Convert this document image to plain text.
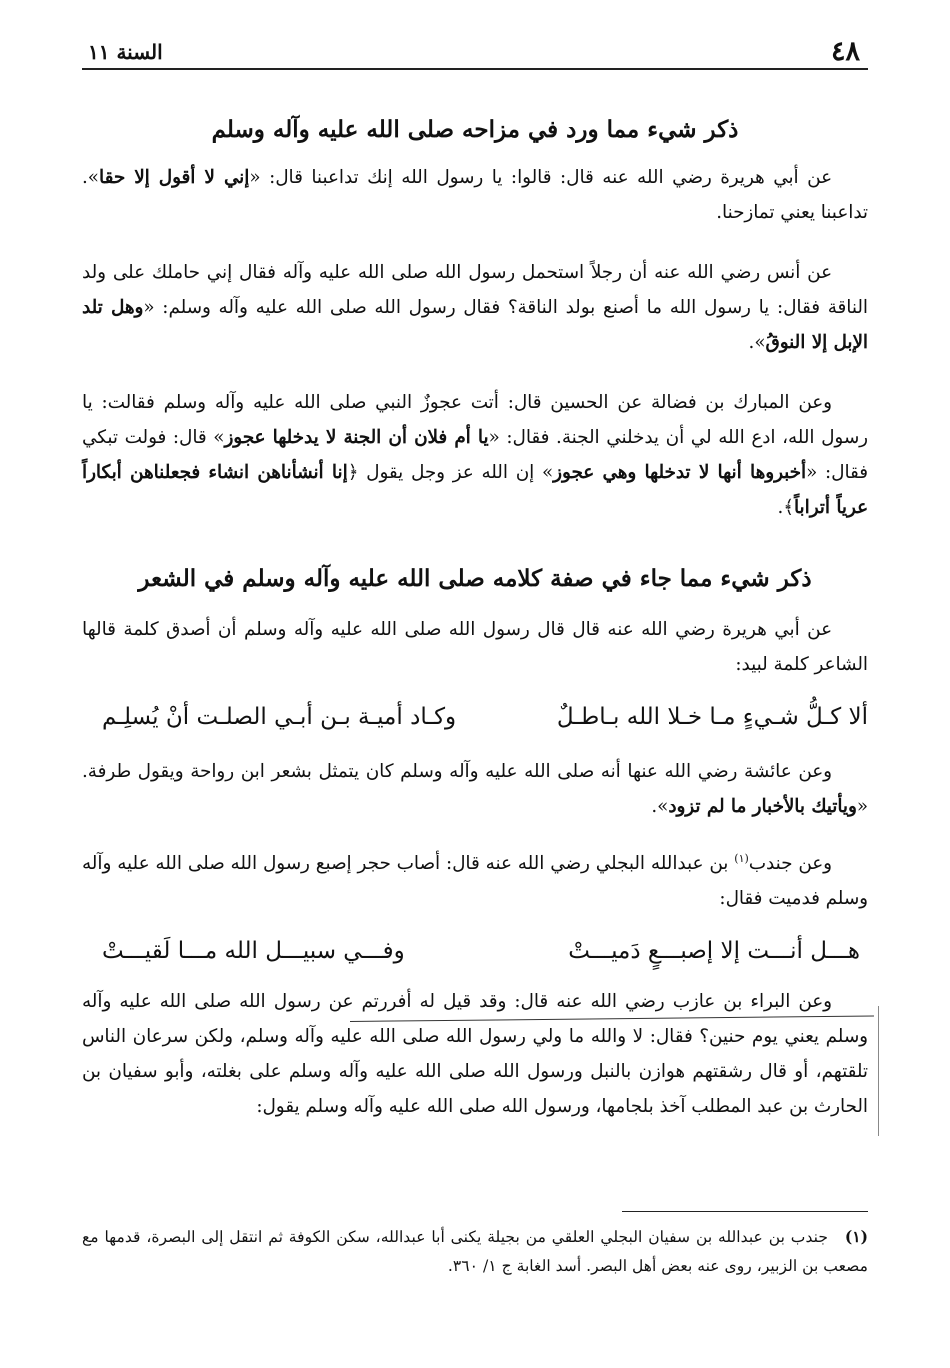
٤٨
السنة ١١
ذكر شيء مما ورد في مزاحه صلى الله عليه وآله وسلم
عن أبي هريرة رضي الله عنه قال: قالوا: يا رسول الله إنك تداعبنا قال: «إني لا أقول إلا حقا». تداعبنا يعني تمازحنا.
عن أنس رضي الله عنه أن رجلاً استحمل رسول الله صلى الله عليه وآله فقال إني حاملك على ولد الناقة فقال: يا رسول الله ما أصنع بولد الناقة؟ فقال رسول الله صلى الله عليه وآله وسلم: «وهل تلد الإبل إلا النوقُ».
وعن المبارك بن فضالة عن الحسين قال: أتت عجوزٌ النبي صلى الله عليه وآله وسلم فقالت: يا رسول الله، ادع الله لي أن يدخلني الجنة. فقال: «يا أم فلان أن الجنة لا يدخلها عجوز» قال: فولت تبكي فقال: «أخبروها أنها لا تدخلها وهي عجوز» إن الله عز وجل يقول ﴿إنا أنشأناهن انشاء فجعلناهن أبكاراً عرياً أتراباً﴾.
ذكر شيء مما جاء في صفة كلامه صلى الله عليه وآله وسلم في الشعر
عن أبي هريرة رضي الله عنه قال قال رسول الله صلى الله عليه وآله وسلم أن أصدق كلمة قالها الشاعر كلمة لبيد:
ألا كـلُّ شـيءٍ مـا خـلا الله بـاطـلٌ
وكـاد أميـة بـن أبـي الصلـت أنْ يُسلِـم
وعن عائشة رضي الله عنها أنه صلى الله عليه وآله وسلم كان يتمثل بشعر ابن رواحة ويقول طرفة. «ويأتيك بالأخبار ما لم تزود».
وعن جندب$^{(١)}$ بن عبدالله البجلي رضي الله عنه قال: أصاب حجر إصبع رسول الله صلى الله عليه وآله وسلم فدميت فقال:
هـــل أنـــت إلا إصبـــعٍ دَميـــتْ
وفـــي سبيـــل الله مـــا لَقيـــتْ
وعن البراء بن عازب رضي الله عنه قال: وقد قيل له أفررتم عن رسول الله صلى الله عليه وآله وسلم يعني يوم حنين؟ فقال: لا والله ما ولي رسول الله صلى الله عليه وآله وسلم، ولكن سرعان الناس تلقتهم، أو قال رشقتهم هوازن بالنبل ورسول الله صلى الله عليه وآله وسلم على بغلته، وأبو سفيان بن الحارث بن عبد المطلب آخذ بلجامها، ورسول الله صلى الله عليه وآله وسلم يقول:
(١)جندب بن عبدالله بن سفيان البجلي العلقي من بجيلة يكنى أبا عبدالله، سكن الكوفة ثم انتقل إلى البصرة، قدمها مع مصعب بن الزبير، روى عنه بعض أهل البصر. أسد الغابة ج ١/ ٣٦٠.
